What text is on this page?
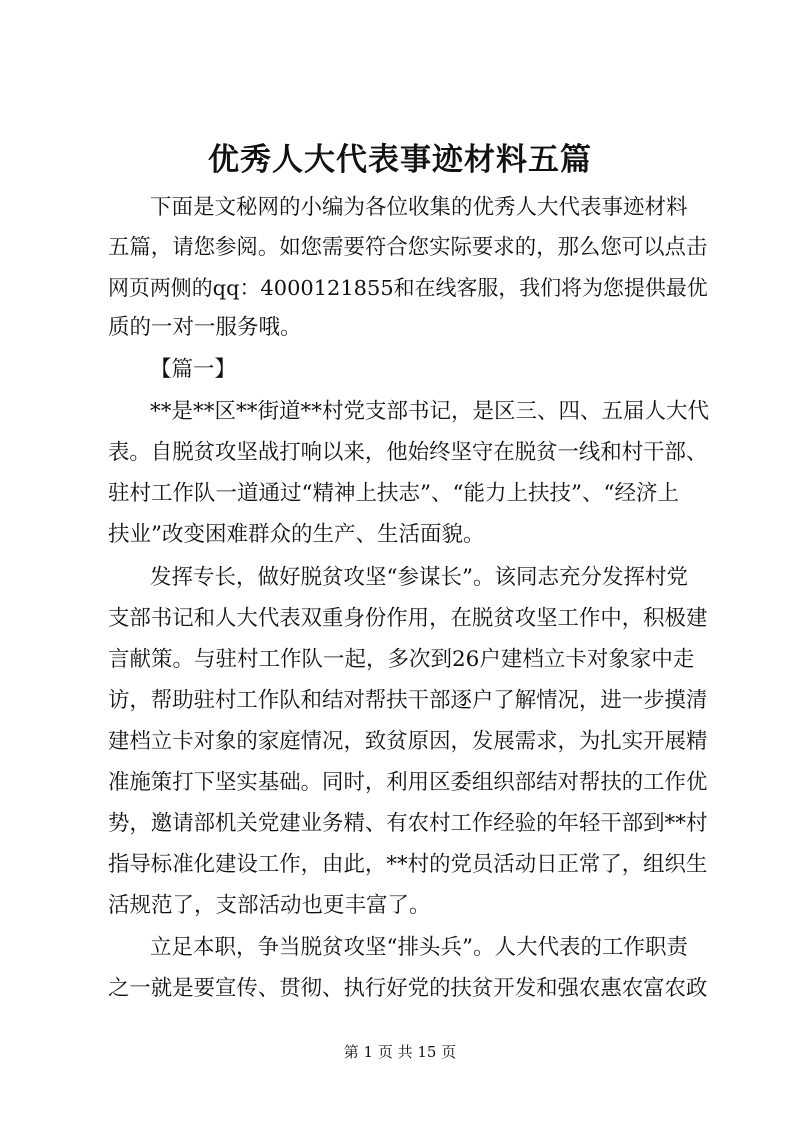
优秀人大代表事迹材料五篇

下面是文秘网的小编为各位收集的优秀人大代表事迹材料

五篇，请您参阅。如您需要符合您实际要求的，那么您可以点击

网页两侧的qq：4000121855和在线客服，我们将为您提供最优

质的一对一服务哦。

【篇一】

**是**区**街道**村党支部书记，是区三、四、五届人大代

表。自脱贫攻坚战打响以来，他始终坚守在脱贫一线和村干部、

驻村工作队一道通过“精神上扶志”、“能力上扶技”、“经济上

扶业”改变困难群众的生产、生活面貌。

发挥专长，做好脱贫攻坚“参谋长”。该同志充分发挥村党

支部书记和人大代表双重身份作用，在脱贫攻坚工作中，积极建

言献策。与驻村工作队一起，多次到26户建档立卡对象家中走

访，帮助驻村工作队和结对帮扶干部逐户了解情况，进一步摸清

建档立卡对象的家庭情况，致贫原因，发展需求，为扎实开展精

准施策打下坚实基础。同时，利用区委组织部结对帮扶的工作优

势，邀请部机关党建业务精、有农村工作经验的年轻干部到**村

指导标准化建设工作，由此，**村的党员活动日正常了，组织生

活规范了，支部活动也更丰富了。

立足本职，争当脱贫攻坚“排头兵”。人大代表的工作职责

之一就是要宣传、贯彻、执行好党的扶贫开发和强农惠农富农政

第 1 页 共 15 页
